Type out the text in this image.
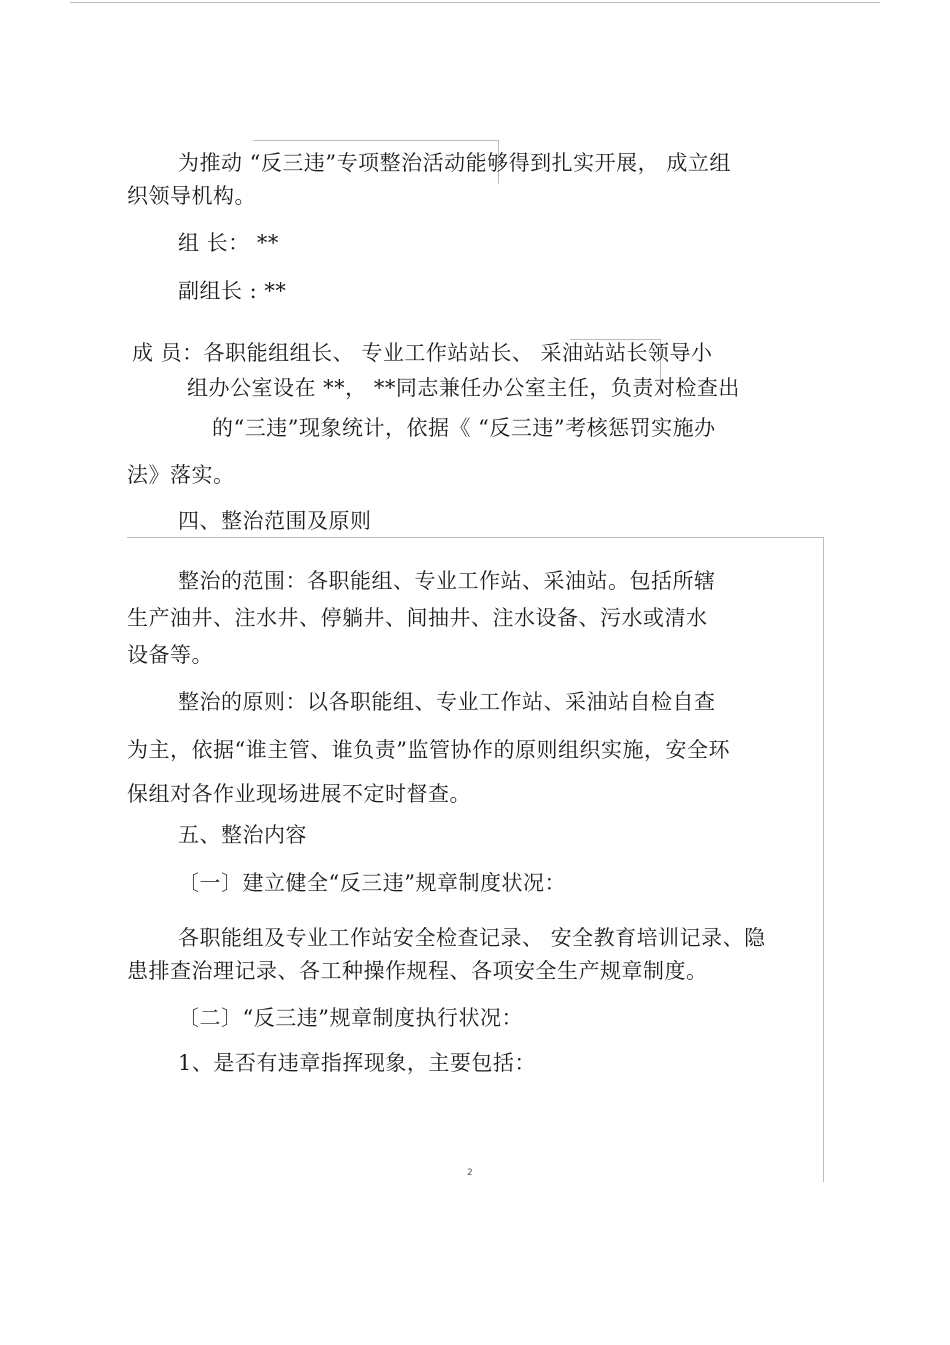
为推动 “反三违”专项整治活动能够得到扎实开展， 成立组
织领导机构。
组 长： **
副组长 : **
成 员：各职能组组长、 专业工作站站长、 采油站站长领导小
组办公室设在 **， **同志兼任办公室主任，负责对检查出
的“三违”现象统计，依据《 “反三违”考核惩罚实施办
法》落实。
四、整治范围及原则
整治的范围：各职能组、专业工作站、采油站。包括所辖
生产油井、注水井、停躺井、间抽井、注水设备、污水或清水
设备等。
整治的原则：以各职能组、专业工作站、采油站自检自查
为主，依据“谁主管、谁负责”监管协作的原则组织实施，安全环
保组对各作业现场进展不定时督查。
五、整治内容
〔一〕建立健全“反三违”规章制度状况：
各职能组及专业工作站安全检查记录、 安全教育培训记录、隐
患排查治理记录、各工种操作规程、各项安全生产规章制度。
〔二〕“反三违”规章制度执行状况：
1、是否有违章指挥现象，主要包括：
2
